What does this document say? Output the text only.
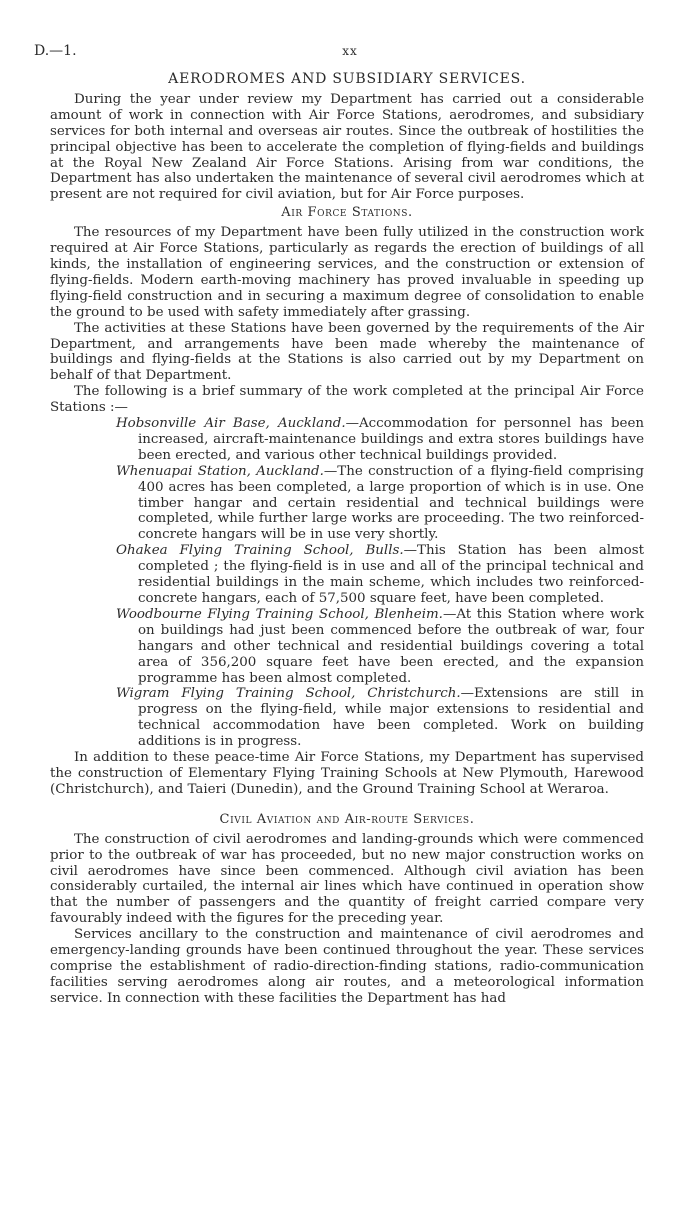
D.—1.	xx
AERODROMES AND SUBSIDIARY SERVICES.

During the year under review my Department has carried out a considerable amount of work in connection with Air Force Stations, aerodromes, and subsidiary services for both internal and overseas air routes. Since the outbreak of hostilities the principal objective has been to accelerate the completion of flying-fields and buildings at the Royal New Zealand Air Force Stations. Arising from war conditions, the Department has also undertaken the maintenance of several civil aerodromes which at present are not required for civil aviation, but for Air Force purposes.

Air Force Stations.

The resources of my Department have been fully utilized in the construction work required at Air Force Stations, particularly as regards the erection of buildings of all kinds, the installation of engineering services, and the construction or extension of flying-fields. Modern earth-moving machinery has proved invaluable in speeding up flying-field construction and in securing a maximum degree of consolidation to enable the ground to be used with safety immediately after grassing.

The activities at these Stations have been governed by the requirements of the Air Department, and arrangements have been made whereby the maintenance of buildings and flying-fields at the Stations is also carried out by my Department on behalf of that Department.

The following is a brief summary of the work completed at the principal Air Force Stations :—

Hobsonville Air Base, Auckland.—Accommodation for personnel has been increased, aircraft-maintenance buildings and extra stores buildings have been erected, and various other technical buildings provided.
Whenuapai Station, Auckland.—The construction of a flying-field comprising 400 acres has been completed, a large proportion of which is in use. One timber hangar and certain residential and technical buildings were completed, while further large works are proceeding. The two reinforced-concrete hangars will be in use very shortly.
Ohakea Flying Training School, Bulls.—This Station has been almost completed ; the flying-field is in use and all of the principal technical and residential buildings in the main scheme, which includes two reinforced-concrete hangars, each of 57,500 square feet, have been completed.
Woodbourne Flying Training School, Blenheim.—At this Station where work on buildings had just been commenced before the outbreak of war, four hangars and other technical and residential buildings covering a total area of 356,200 square feet have been erected, and the expansion programme has been almost completed.
Wigram Flying Training School, Christchurch.—Extensions are still in progress on the flying-field, while major extensions to residential and technical accommodation have been completed. Work on building additions is in progress.

In addition to these peace-time Air Force Stations, my Department has supervised the construction of Elementary Flying Training Schools at New Plymouth, Harewood (Christchurch), and Taieri (Dunedin), and the Ground Training School at Weraroa.

Civil Aviation and Air-route Services.

The construction of civil aerodromes and landing-grounds which were commenced prior to the outbreak of war has proceeded, but no new major construction works on civil aerodromes have since been commenced. Although civil aviation has been considerably curtailed, the internal air lines which have continued in operation show that the number of passengers and the quantity of freight carried compare very favourably indeed with the figures for the preceding year.

Services ancillary to the construction and maintenance of civil aerodromes and emergency-landing grounds have been continued throughout the year. These services comprise the establishment of radio-direction-finding stations, radio-communication facilities serving aerodromes along air routes, and a meteorological information service. In connection with these facilities the Department has had
